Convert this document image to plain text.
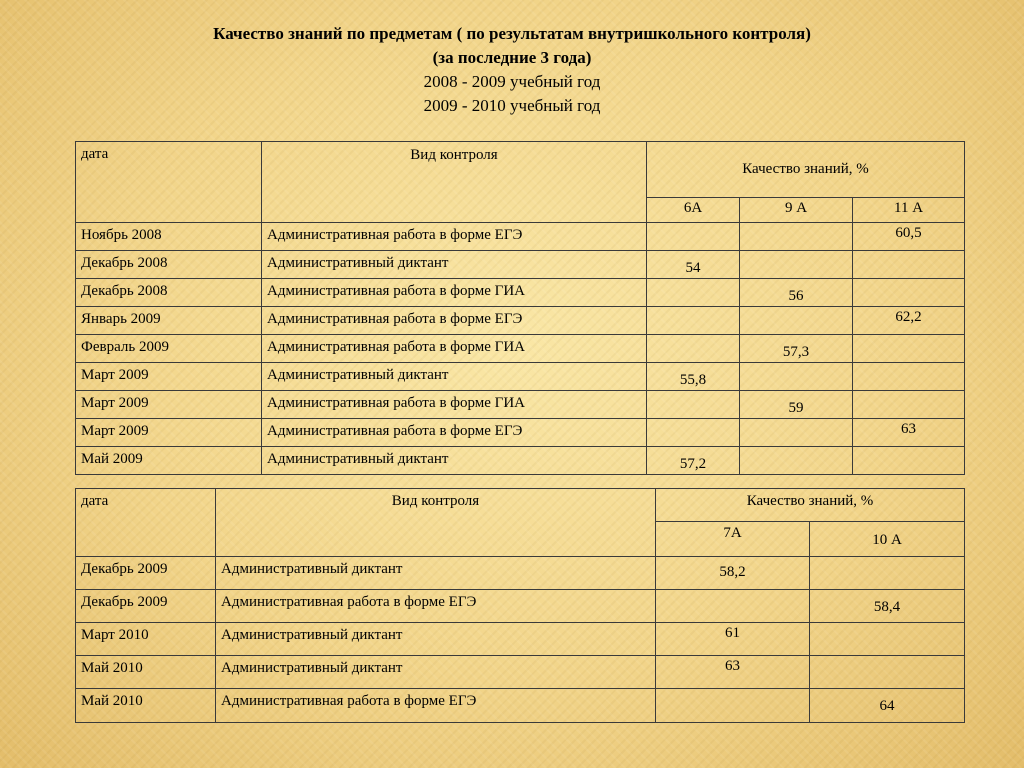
Качество знаний по предметам ( по результатам внутришкольного контроля)
(за последние 3 года)
2008 - 2009 учебный год
2009 - 2010 учебный год
дата	Вид контроля	Качество знаний, %		
		6А	9 А	11 А
Ноябрь 2008	Административная работа в форме ЕГЭ			60,5
Декабрь 2008	Административный диктант	54		
Декабрь 2008	Административная работа в форме ГИА		56	
Январь 2009	Административная работа в форме ЕГЭ			62,2
Февраль 2009	Административная работа в форме ГИА		57,3	
Март 2009	Административный диктант	55,8		
Март 2009	Административная работа в форме ГИА		59	
Март 2009	Административная работа в форме ЕГЭ			63
Май 2009	Административный диктант	57,2		
дата	Вид контроля	Качество знаний, %	
		7А	10 А
Декабрь 2009	Административный диктант	58,2	
Декабрь 2009	Административная работа в форме ЕГЭ		58,4
Март 2010	Административный диктант	61	
Май 2010	Административный диктант	63	
Май 2010	Административная работа в форме ЕГЭ		64
